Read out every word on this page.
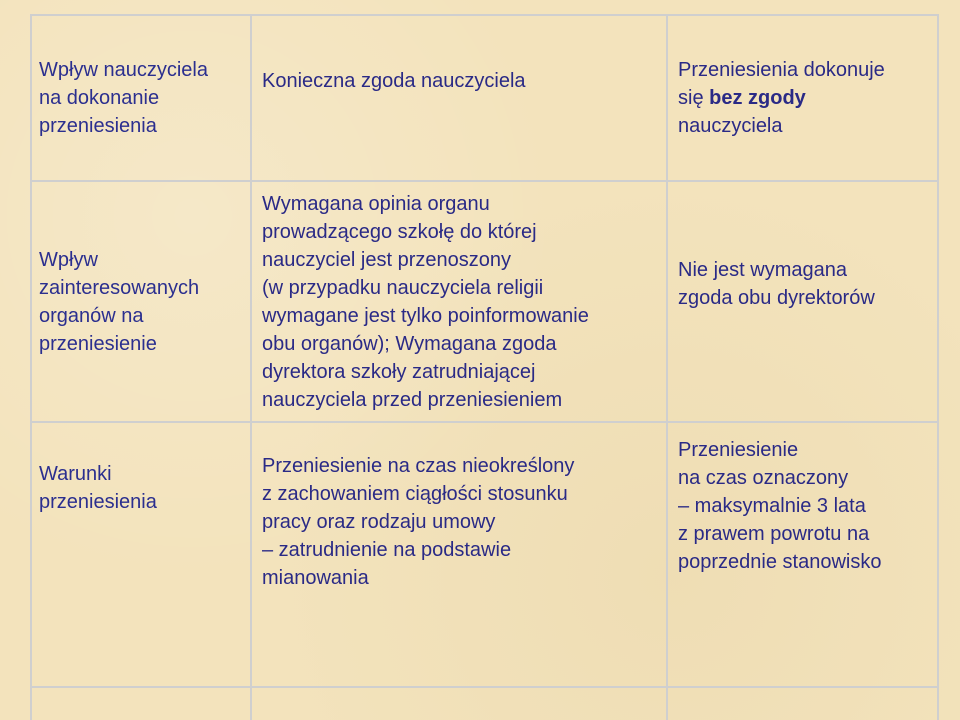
Wpływ nauczyciela
na dokonanie
przeniesienia
Konieczna zgoda nauczyciela	Przeniesienia dokonuje
się bez zgody
nauczyciela
Wpływ
zainteresowanych
organów na
przeniesienie
Wymagana opinia organu
prowadzącego szkołę do której
nauczyciel jest przenoszony
(w przypadku nauczyciela religii
wymagane jest tylko poinformowanie
obu organów); Wymagana zgoda
dyrektora szkoły zatrudniającej
nauczyciela przed przeniesieniem
Nie jest wymagana
zgoda obu dyrektorów
Warunki
przeniesienia
Przeniesienie na czas nieokreślony
z zachowaniem ciągłości stosunku
pracy oraz rodzaju umowy
– zatrudnienie na podstawie
mianowania
Przeniesienie
na czas oznaczony
– maksymalnie 3 lata
z prawem powrotu na
poprzednie stanowisko
